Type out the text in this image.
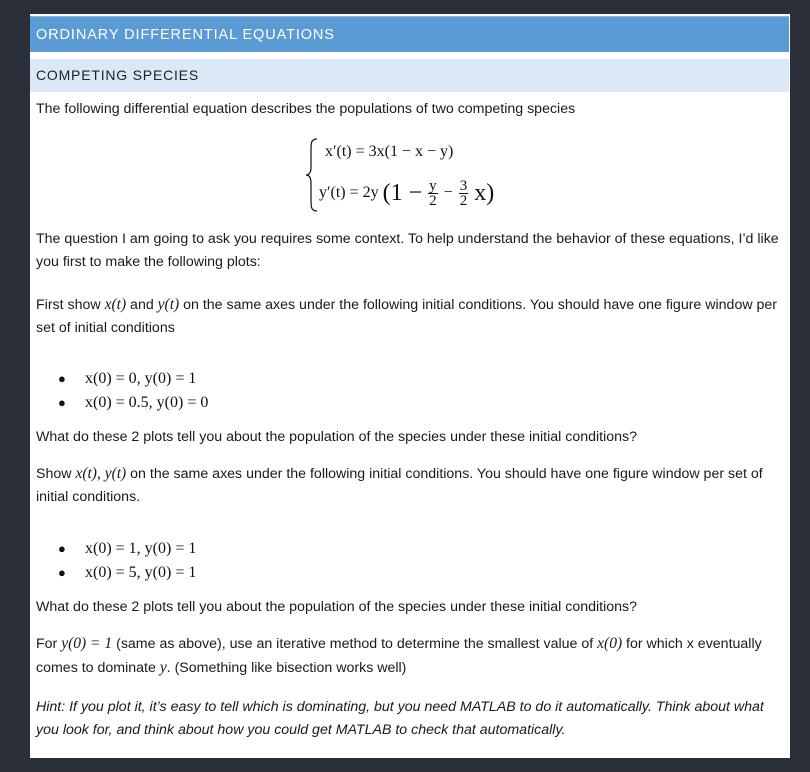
ORDINARY DIFFERENTIAL EQUATIONS
COMPETING SPECIES
The following differential equation describes the populations of two competing species
x′(t) = 3x(1 − x − y)
y′(t) = 2y $(1 - \frac{y}{2} - \frac{3}{2} x)$
The question I am going to ask you requires some context. To help understand the behavior of these equations, I’d like you first to make the following plots:
First show x(t) and y(t) on the same axes under the following initial conditions. You should have one figure window per set of initial conditions
● x(0) = 0, y(0) = 1
● x(0) = 0.5, y(0) = 0
What do these 2 plots tell you about the population of the species under these initial conditions?
Show x(t), y(t) on the same axes under the following initial conditions. You should have one figure window per set of initial conditions.
● x(0) = 1, y(0) = 1
● x(0) = 5, y(0) = 1
What do these 2 plots tell you about the population of the species under these initial conditions?
For y(0) = 1 (same as above), use an iterative method to determine the smallest value of x(0) for which x eventually comes to dominate y. (Something like bisection works well)
Hint: If you plot it, it’s easy to tell which is dominating, but you need MATLAB to do it automatically. Think about what you look for, and think about how you could get MATLAB to check that automatically.
